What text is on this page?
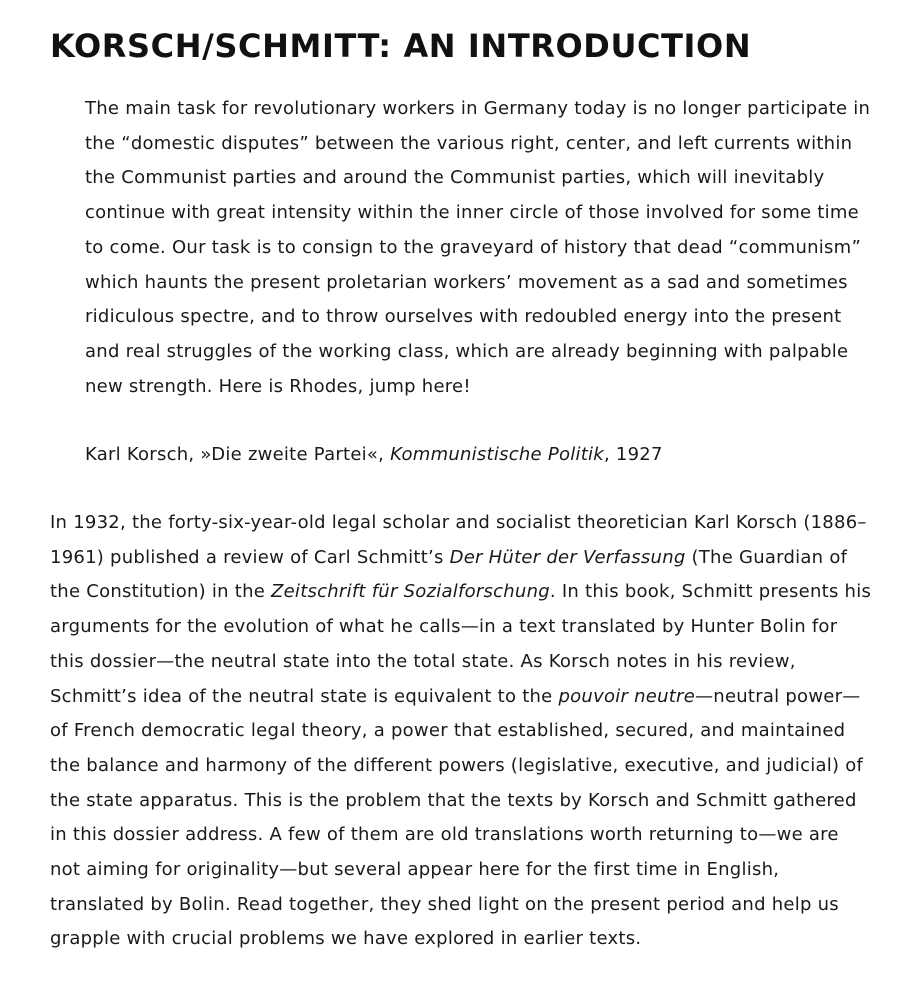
KORSCH/SCHMITT: AN INTRODUCTION

The main task for revolutionary workers in Germany today is no longer participate in the “domestic disputes” between the various right, center, and left currents within the Communist parties and around the Communist parties, which will inevitably continue with great intensity within the inner circle of those involved for some time to come. Our task is to consign to the graveyard of history that dead “communism” which haunts the present proletarian workers’ movement as a sad and sometimes ridiculous spectre, and to throw ourselves with redoubled energy into the present and real struggles of the working class, which are already beginning with palpable new strength. Here is Rhodes, jump here!

Karl Korsch, »Die zweite Partei«, Kommunistische Politik, 1927

In 1932, the forty-six-year-old legal scholar and socialist theoretician Karl Korsch (1886–1961) published a review of Carl Schmitt’s Der Hüter der Verfassung (The Guardian of the Constitution) in the Zeitschrift für Sozialforschung. In this book, Schmitt presents his arguments for the evolution of what he calls—in a text translated by Hunter Bolin for this dossier—the neutral state into the total state. As Korsch notes in his review, Schmitt’s idea of the neutral state is equivalent to the pouvoir neutre—neutral power—of French democratic legal theory, a power that established, secured, and maintained the balance and harmony of the different powers (legislative, executive, and judicial) of the state apparatus. This is the problem that the texts by Korsch and Schmitt gathered in this dossier address. A few of them are old translations worth returning to—we are not aiming for originality—but several appear here for the first time in English, translated by Bolin. Read together, they shed light on the present period and help us grapple with crucial problems we have explored in earlier texts.
